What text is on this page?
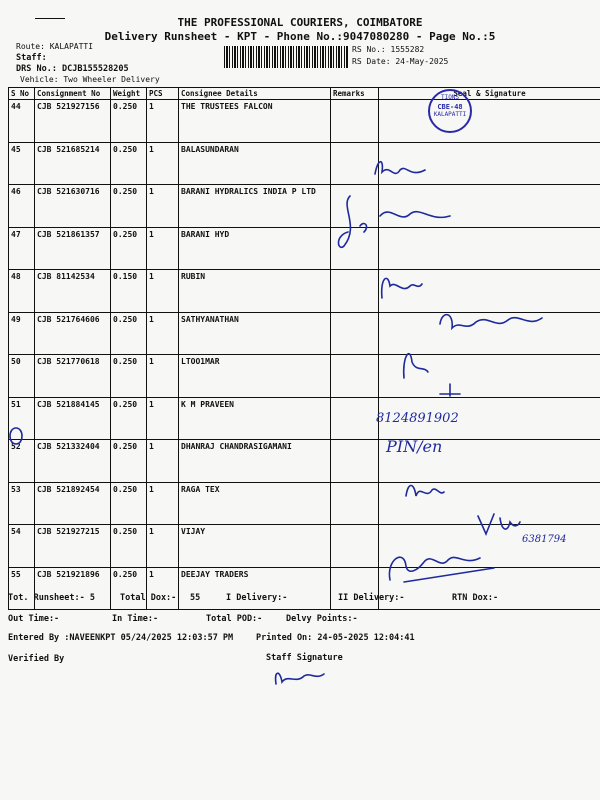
THE PROFESSIONAL COURIERS, COIMBATORE
Delivery Runsheet - KPT - Phone No.:9047080280 - Page No.:5
Route: KALAPATTI
Staff:
DRS No.: DCJB155528205
Vehicle: Two Wheeler Delivery
RS No.: 1555282
RS Date: 24-May-2025
S No	Consignment No	Weight	PCS	Consignee Details	Remarks	Seal & Signature
44	CJB 521927156	0.250	1	THE TRUSTEES FALCON		
45	CJB 521685214	0.250	1	BALASUNDARAN		
46	CJB 521630716	0.250	1	BARANI HYDRALICS INDIA P LTD		
47	CJB 521861357	0.250	1	BARANI HYD		
48	CJB 81142534	0.150	1	RUBIN		
49	CJB 521764606	0.250	1	SATHYANATHAN		
50	CJB 521770618	0.250	1	LTOO1MAR		
51	CJB 521884145	0.250	1	K M PRAVEEN		
52	CJB 521332404	0.250	1	DHANRAJ CHANDRASIGAMANI		
53	CJB 521892454	0.250	1	RAGA TEX		
54	CJB 521927215	0.250	1	VIJAY		
55	CJB 521921896	0.250	1	DEEJAY TRADERS		
TIONS
CBE-48
KALAPATTI
8124891902
PIN/en
6381794
Tot. Runsheet:- 5	Total Dox:- 55	I Delivery:-	II Delivery:-	RTN Dox:-
Out Time:-	In Time:-	Total POD:-	Delvy Points:-
Entered By :NAVEENKPT 05/24/2025 12:03:57 PM	Printed On: 24-05-2025 12:04:41
Verified By	Staff Signature
